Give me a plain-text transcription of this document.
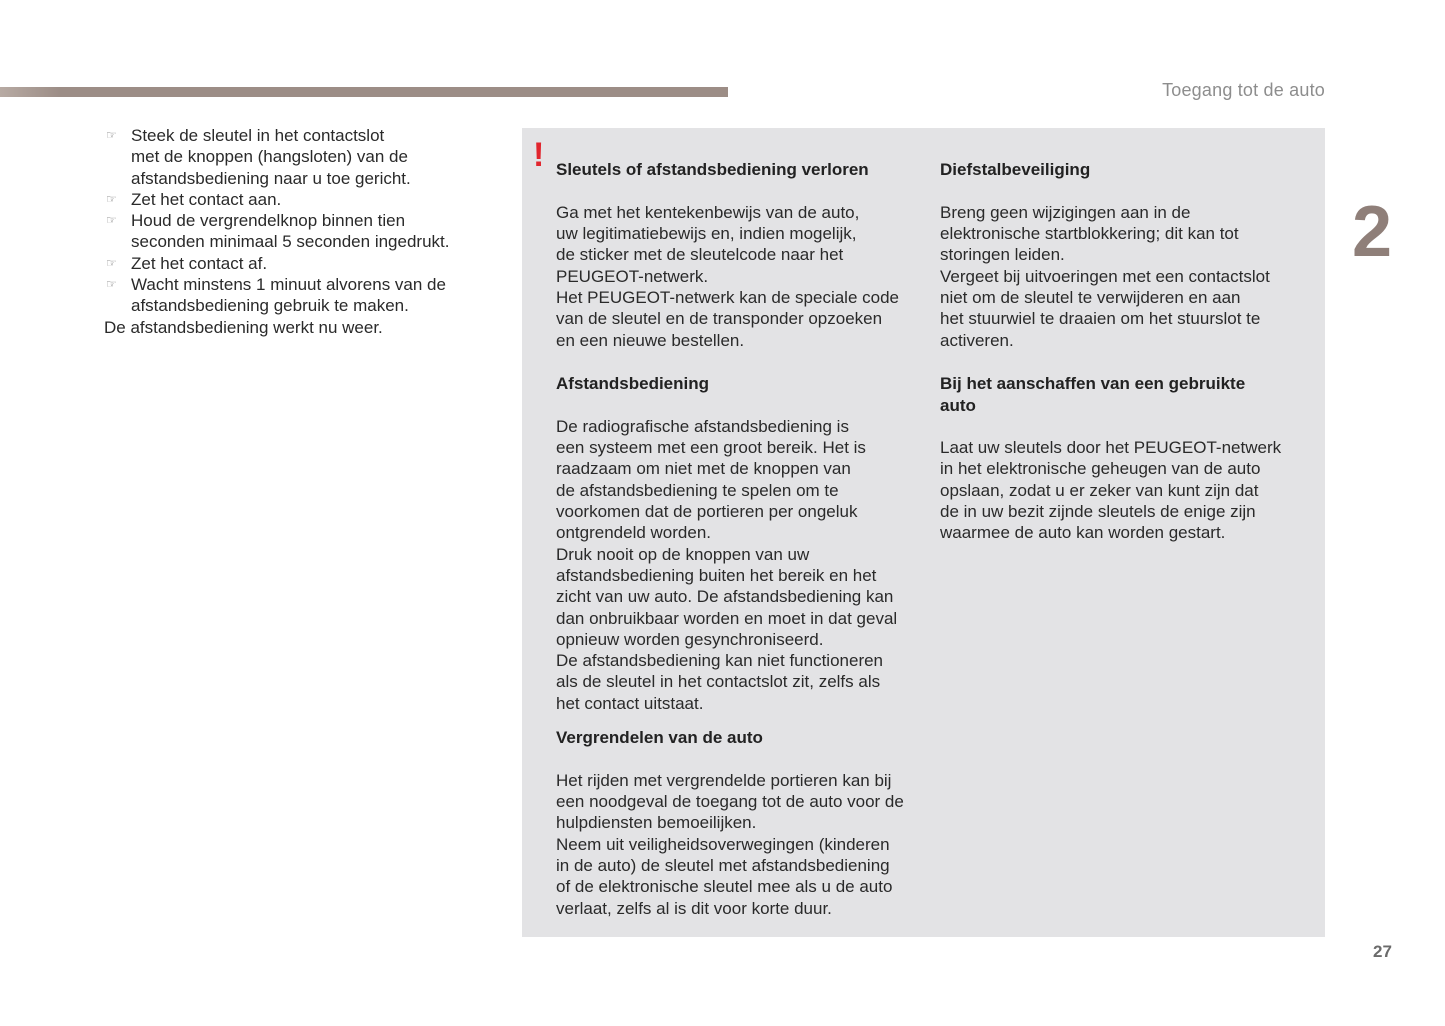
Toegang tot de auto
2
☞ Steek de sleutel in het contactslot
met de knoppen (hangsloten) van de
afstandsbediening naar u toe gericht.
☞ Zet het contact aan.
☞ Houd de vergrendelknop binnen tien
seconden minimaal 5 seconden ingedrukt.
☞ Zet het contact af.
☞ Wacht minstens 1 minuut alvorens van de
afstandsbediening gebruik te maken.
De afstandsbediening werkt nu weer.
! Sleutels of afstandsbediening verloren

Ga met het kentekenbewijs van de auto,
uw legitimatiebewijs en, indien mogelijk,
de sticker met de sleutelcode naar het
PEUGEOT-netwerk.
Het PEUGEOT-netwerk kan de speciale code
van de sleutel en de transponder opzoeken
en een nieuwe bestellen.

Afstandsbediening

De radiografische afstandsbediening is
een systeem met een groot bereik. Het is
raadzaam om niet met de knoppen van
de afstandsbediening te spelen om te
voorkomen dat de portieren per ongeluk
ontgrendeld worden.
Druk nooit op de knoppen van uw
afstandsbediening buiten het bereik en het
zicht van uw auto. De afstandsbediening kan
dan onbruikbaar worden en moet in dat geval
opnieuw worden gesynchroniseerd.
De afstandsbediening kan niet functioneren
als de sleutel in het contactslot zit, zelfs als
het contact uitstaat.

Vergrendelen van de auto

Het rijden met vergrendelde portieren kan bij
een noodgeval de toegang tot de auto voor de
hulpdiensten bemoeilijken.
Neem uit veiligheidsoverwegingen (kinderen
in de auto) de sleutel met afstandsbediening
of de elektronische sleutel mee als u de auto
verlaat, zelfs al is dit voor korte duur.

Diefstalbeveiliging

Breng geen wijzigingen aan in de
elektronische startblokkering; dit kan tot
storingen leiden.
Vergeet bij uitvoeringen met een contactslot
niet om de sleutel te verwijderen en aan
het stuurwiel te draaien om het stuurslot te
activeren.

Bij het aanschaffen van een gebruikte
auto

Laat uw sleutels door het PEUGEOT-netwerk
in het elektronische geheugen van de auto
opslaan, zodat u er zeker van kunt zijn dat
de in uw bezit zijnde sleutels de enige zijn
waarmee de auto kan worden gestart.

27
